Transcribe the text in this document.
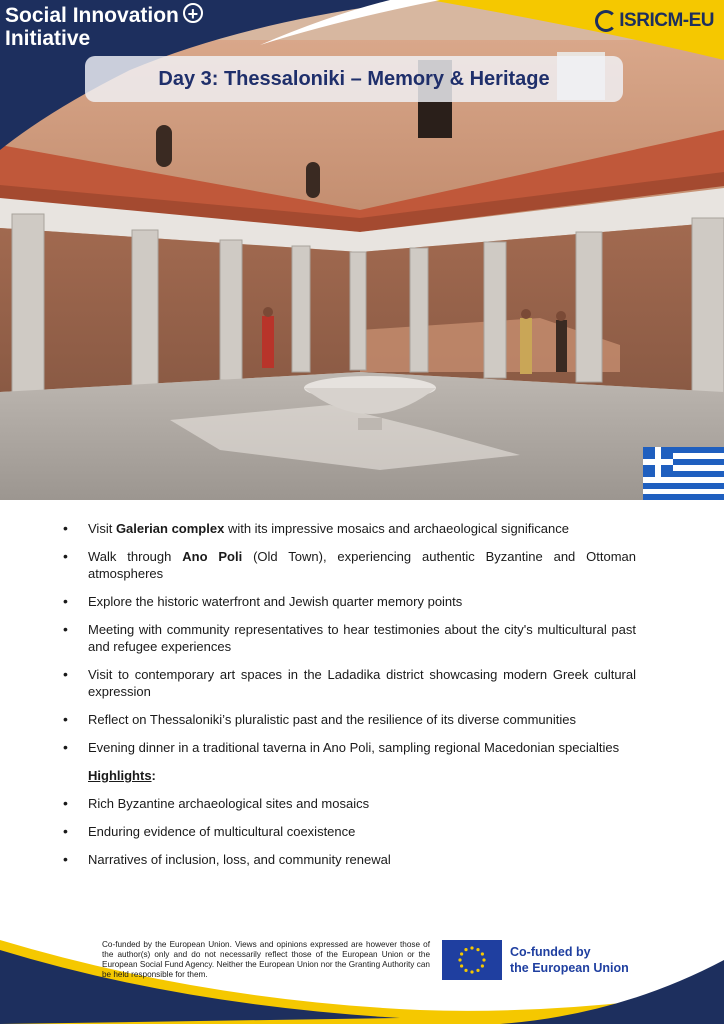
Social Innovation +
Initiative
ISRICM-EU
Day 3: Thessaloniki – Memory & Heritage
• Visit Galerian complex with its impressive mosaics and archaeological significance
• Walk through Ano Poli (Old Town), experiencing authentic Byzantine and Ottoman atmospheres
• Explore the historic waterfront and Jewish quarter memory points
• Meeting with community representatives to hear testimonies about the city's multicultural past and refugee experiences
• Visit to contemporary art spaces in the Ladadika district showcasing modern Greek cultural expression
• Reflect on Thessaloniki’s pluralistic past and the resilience of its diverse communities
• Evening dinner in a traditional taverna in Ano Poli, sampling regional Macedonian specialties

Highlights:

• Rich Byzantine archaeological sites and mosaics
• Enduring evidence of multicultural coexistence
• Narratives of inclusion, loss, and community renewal
Co-funded by the European Union. Views and opinions expressed are however those of the author(s) only and do not necessarily reflect those of the European Union or the European Social Fund Agency. Neither the European Union nor the Granting Authority can be held responsible for them.
Co-funded by
the European Union
